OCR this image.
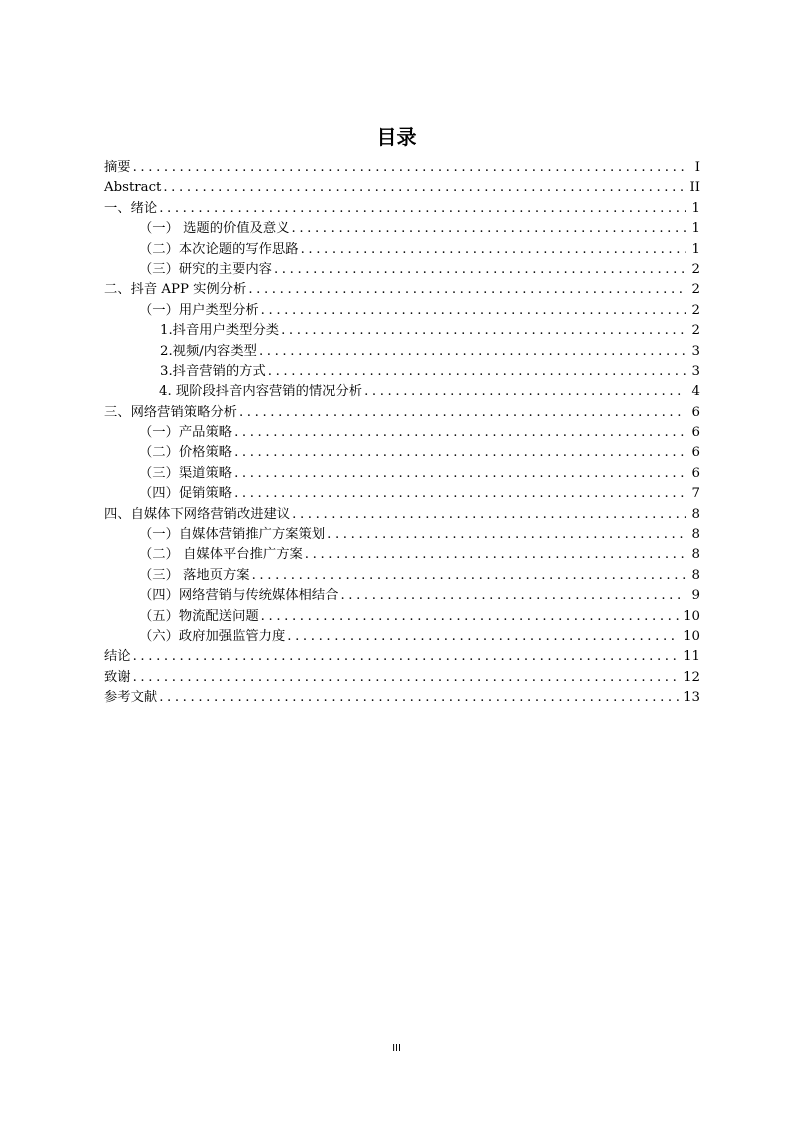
目录
摘要 .....	I
Abstract .....	II
一、绪论 .....	1
（一） 选题的价值及意义 .....	1
（二）本次论题的写作思路 .....	1
（三）研究的主要内容 .....	2
二、抖音 APP 实例分析 .....	2
（一）用户类型分析 .....	2
1.抖音用户类型分类 .....	2
2.视频/内容类型 .....	3
3.抖音营销的方式 .....	3
4. 现阶段抖音内容营销的情况分析 .....	4
三、网络营销策略分析 .....	6
（一）产品策略 .....	6
（二）价格策略 .....	6
（三）渠道策略 .....	6
（四）促销策略 .....	7
四、自媒体下网络营销改进建议 .....	8
（一）自媒体营销推广方案策划 .....	8
（二） 自媒体平台推广方案 .....	8
（三） 落地页方案 .....	8
（四）网络营销与传统媒体相结合 .....	9
（五）物流配送问题 .....	10
（六）政府加强监管力度 .....	10
结论 .....	11
致谢 .....	12
参考文献 .....	13
III
